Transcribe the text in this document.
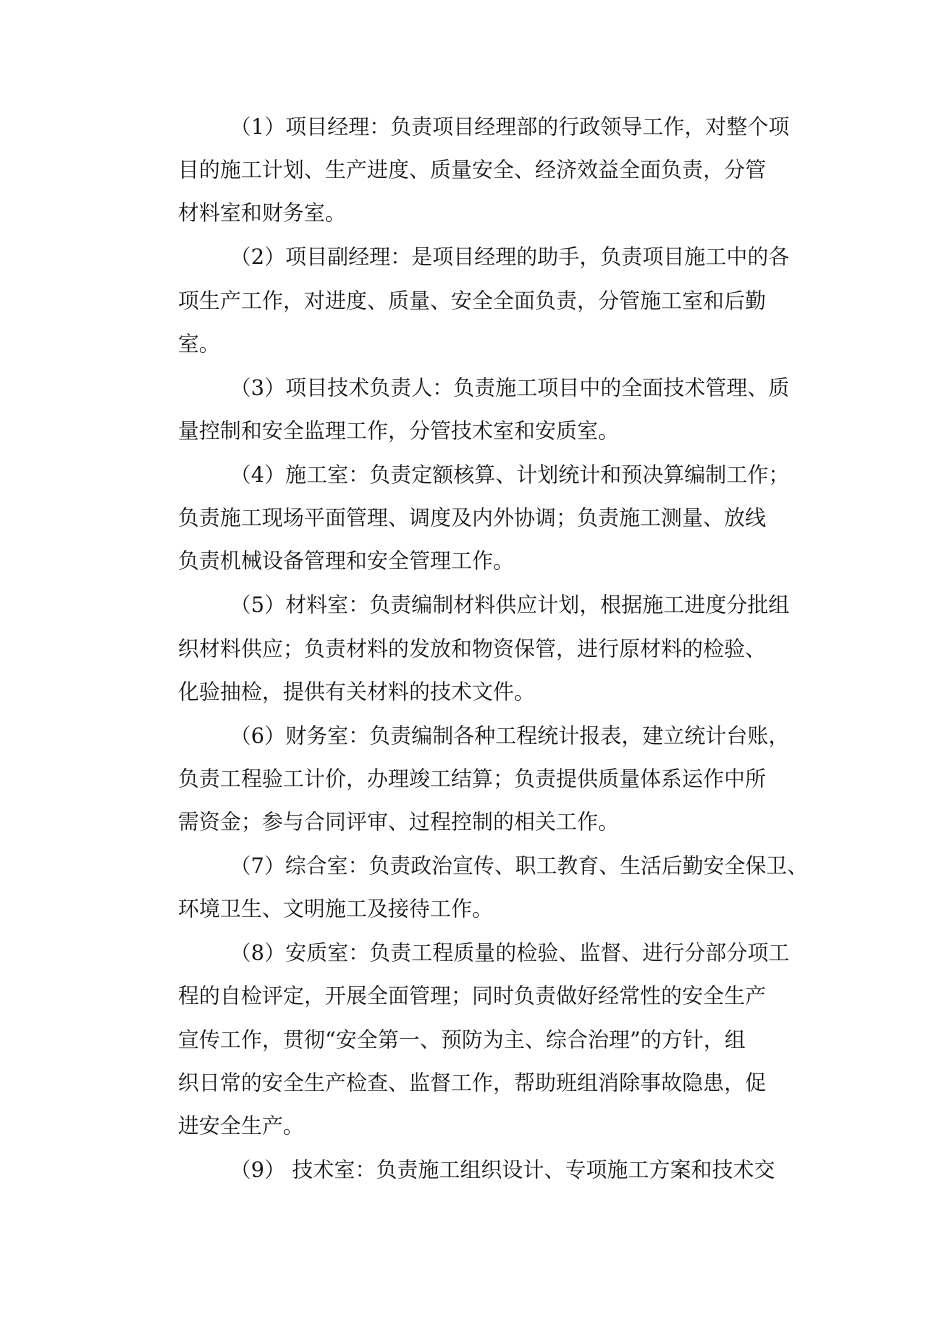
（1）项目经理：负责项目经理部的行政领导工作，对整个项
目的施工计划、生产进度、质量安全、经济效益全面负责，分管
材料室和财务室。
（2）项目副经理：是项目经理的助手，负责项目施工中的各
项生产工作，对进度、质量、安全全面负责，分管施工室和后勤
室。
（3）项目技术负责人：负责施工项目中的全面技术管理、质
量控制和安全监理工作，分管技术室和安质室。
（4）施工室：负责定额核算、计划统计和预决算编制工作；
负责施工现场平面管理、调度及内外协调；负责施工测量、放线
负责机械设备管理和安全管理工作。
（5）材料室：负责编制材料供应计划，根据施工进度分批组
织材料供应；负责材料的发放和物资保管，进行原材料的检验、
化验抽检，提供有关材料的技术文件。
（6）财务室：负责编制各种工程统计报表，建立统计台账，
负责工程验工计价，办理竣工结算；负责提供质量体系运作中所
需资金；参与合同评审、过程控制的相关工作。
（7）综合室：负责政治宣传、职工教育、生活后勤安全保卫、
环境卫生、文明施工及接待工作。
（8）安质室：负责工程质量的检验、监督、进行分部分项工
程的自检评定，开展全面管理；同时负责做好经常性的安全生产
宣传工作，贯彻“安全第一、预防为主、综合治理”的方针，组
织日常的安全生产检查、监督工作，帮助班组消除事故隐患，促
进安全生产。
（9） 技术室：负责施工组织设计、专项施工方案和技术交
